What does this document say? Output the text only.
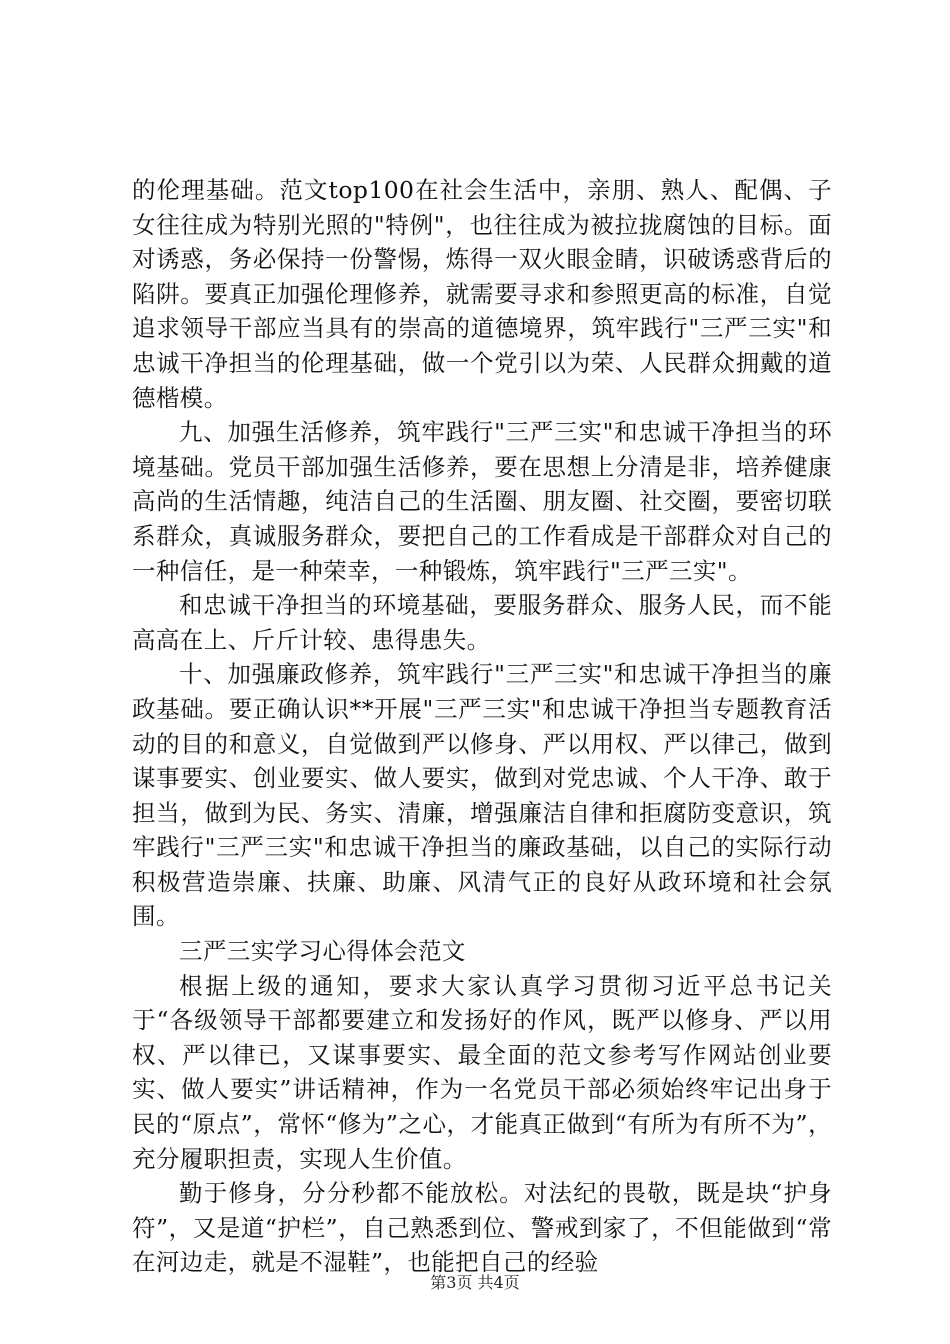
的伦理基础。范文top100在社会生活中，亲朋、熟人、配偶、子女往往成为特别光照的"特例"，也往往成为被拉拢腐蚀的目标。面对诱惑，务必保持一份警惕，炼得一双火眼金睛，识破诱惑背后的陷阱。要真正加强伦理修养，就需要寻求和参照更高的标准，自觉追求领导干部应当具有的崇高的道德境界，筑牢践行"三严三实"和忠诚干净担当的伦理基础，做一个党引以为荣、人民群众拥戴的道德楷模。

九、加强生活修养，筑牢践行"三严三实"和忠诚干净担当的环境基础。党员干部加强生活修养，要在思想上分清是非，培养健康高尚的生活情趣，纯洁自己的生活圈、朋友圈、社交圈，要密切联系群众，真诚服务群众，要把自己的工作看成是干部群众对自己的一种信任，是一种荣幸，一种锻炼，筑牢践行"三严三实"。

和忠诚干净担当的环境基础，要服务群众、服务人民，而不能高高在上、斤斤计较、患得患失。

十、加强廉政修养，筑牢践行"三严三实"和忠诚干净担当的廉政基础。要正确认识**开展"三严三实"和忠诚干净担当专题教育活动的目的和意义，自觉做到严以修身、严以用权、严以律己，做到谋事要实、创业要实、做人要实，做到对党忠诚、个人干净、敢于担当，做到为民、务实、清廉，增强廉洁自律和拒腐防变意识，筑牢践行"三严三实"和忠诚干净担当的廉政基础，以自己的实际行动积极营造崇廉、扶廉、助廉、风清气正的良好从政环境和社会氛围。

三严三实学习心得体会范文

根据上级的通知，要求大家认真学习贯彻习近平总书记关于“各级领导干部都要建立和发扬好的作风，既严以修身、严以用权、严以律已，又谋事要实、最全面的范文参考写作网站创业要实、做人要实”讲话精神，作为一名党员干部必须始终牢记出身于民的“原点”，常怀“修为”之心，才能真正做到“有所为有所不为”，充分履职担责，实现人生价值。

勤于修身，分分秒都不能放松。对法纪的畏敬，既是块“护身符”，又是道“护栏”，自己熟悉到位、警戒到家了，不但能做到“常在河边走，就是不湿鞋”，也能把自己的经验

第3页 共4页
